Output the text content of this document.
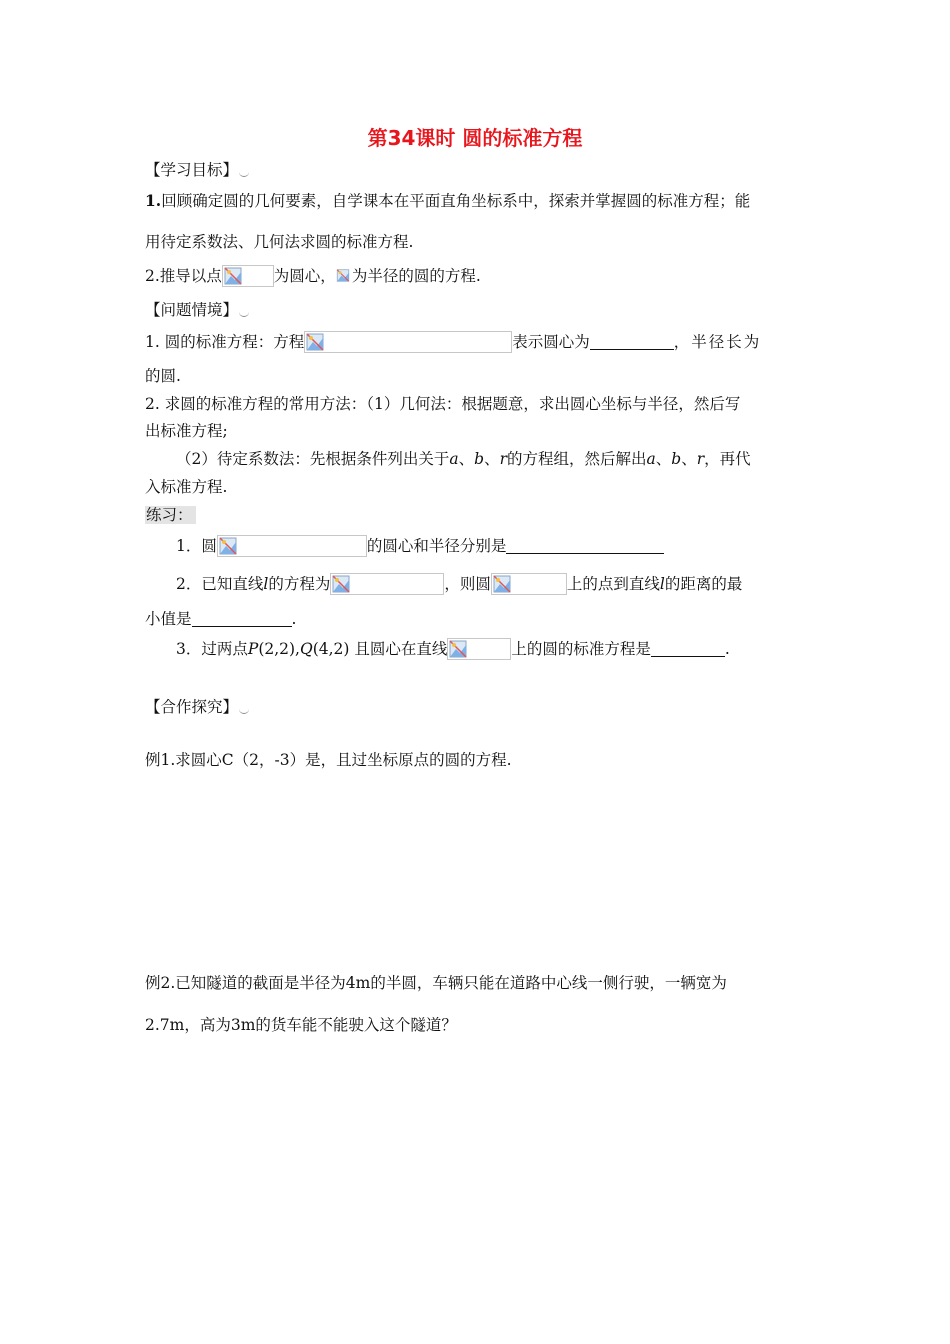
第34课时 圆的标准方程
【学习目标】
1.回顾确定圆的几何要素，自学课本在平面直角坐标系中，探索并掌握圆的标准方程；能
用待定系数法、几何法求圆的标准方程.
2.推导以点	为圆心， 为半径的圆的方程.
【问题情境】
1. 圆的标准方程：方程	表示圆心为	，半径长为
的圆.
2. 求圆的标准方程的常用方法：（1）几何法：根据题意，求出圆心坐标与半径，然后写
出标准方程;
（2）待定系数法：先根据条件列出关于a、b、r的方程组，然后解出a、b、r，再代
入标准方程.
练习：
1．圆	的圆心和半径分别是
2．已知直线l的方程为	，则圆	上的点到直线l的距离的最
小值是	.
3．过两点P(2,2),Q(4,2) 且圆心在直线	上的圆的标准方程是	.
【合作探究】
例1.求圆心C（2，-3）是，且过坐标原点的圆的方程.
例2.已知隧道的截面是半径为4m的半圆，车辆只能在道路中心线一侧行驶，一辆宽为
2.7m，高为3m的货车能不能驶入这个隧道？
